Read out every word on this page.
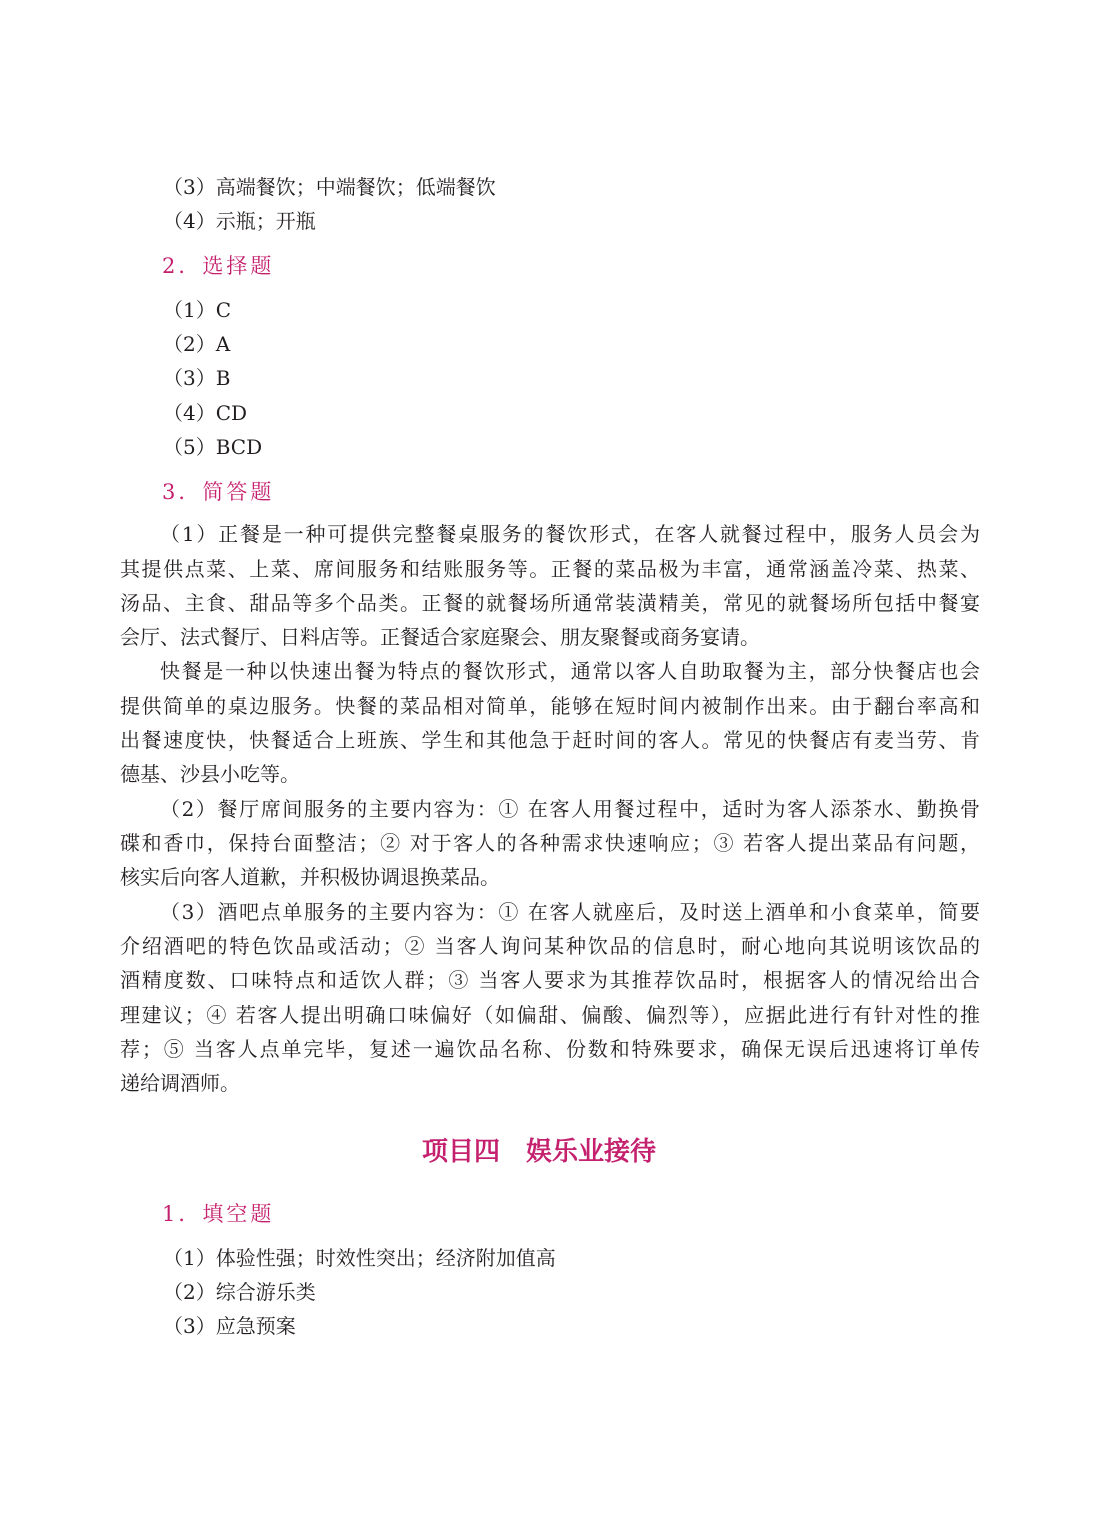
（3）高端餐饮；中端餐饮；低端餐饮
（4）示瓶；开瓶
2．选择题
（1）C
（2）A
（3）B
（4）CD
（5）BCD
3．简答题
（1）正餐是一种可提供完整餐桌服务的餐饮形式，在客人就餐过程中，服务人员会为
其提供点菜、上菜、席间服务和结账服务等。正餐的菜品极为丰富，通常涵盖冷菜、热菜、
汤品、主食、甜品等多个品类。正餐的就餐场所通常装潢精美，常见的就餐场所包括中餐宴
会厅、法式餐厅、日料店等。正餐适合家庭聚会、朋友聚餐或商务宴请。
快餐是一种以快速出餐为特点的餐饮形式，通常以客人自助取餐为主，部分快餐店也会
提供简单的桌边服务。快餐的菜品相对简单，能够在短时间内被制作出来。由于翻台率高和
出餐速度快，快餐适合上班族、学生和其他急于赶时间的客人。常见的快餐店有麦当劳、肯
德基、沙县小吃等。
（2）餐厅席间服务的主要内容为：① 在客人用餐过程中，适时为客人添茶水、勤换骨
碟和香巾，保持台面整洁；② 对于客人的各种需求快速响应；③ 若客人提出菜品有问题，
核实后向客人道歉，并积极协调退换菜品。
（3）酒吧点单服务的主要内容为：① 在客人就座后，及时送上酒单和小食菜单，简要
介绍酒吧的特色饮品或活动；② 当客人询问某种饮品的信息时，耐心地向其说明该饮品的
酒精度数、口味特点和适饮人群；③ 当客人要求为其推荐饮品时，根据客人的情况给出合
理建议；④ 若客人提出明确口味偏好（如偏甜、偏酸、偏烈等），应据此进行有针对性的推
荐；⑤ 当客人点单完毕，复述一遍饮品名称、份数和特殊要求，确保无误后迅速将订单传
递给调酒师。
项目四 娱乐业接待
1．填空题
（1）体验性强；时效性突出；经济附加值高
（2）综合游乐类
（3）应急预案
